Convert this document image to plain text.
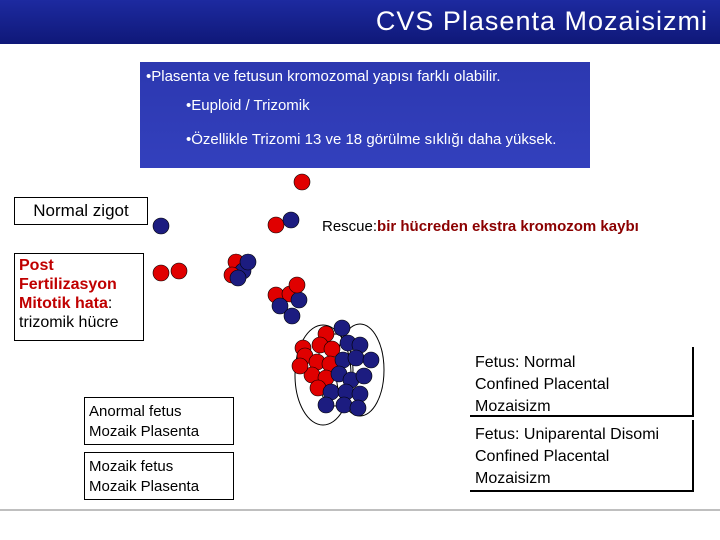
CVS Plasenta Mozaisizmi
•Plasenta ve fetusun kromozomal yapısı farklı olabilir.
•Euploid / Trizomik
•Özellikle Trizomi 13 ve 18 görülme sıklığı daha yüksek.
Normal zigot
Post Fertilizasyon Mitotik hata: trizomik hücre
Rescue:bir hücreden ekstra kromozom kaybı
Anormal fetus
Mozaik Plasenta
Mozaik fetus
Mozaik Plasenta
Fetus: Normal
Confined Placental
Mozaisizm
Fetus: Uniparental Disomi
Confined Placental
Mozaisizm
